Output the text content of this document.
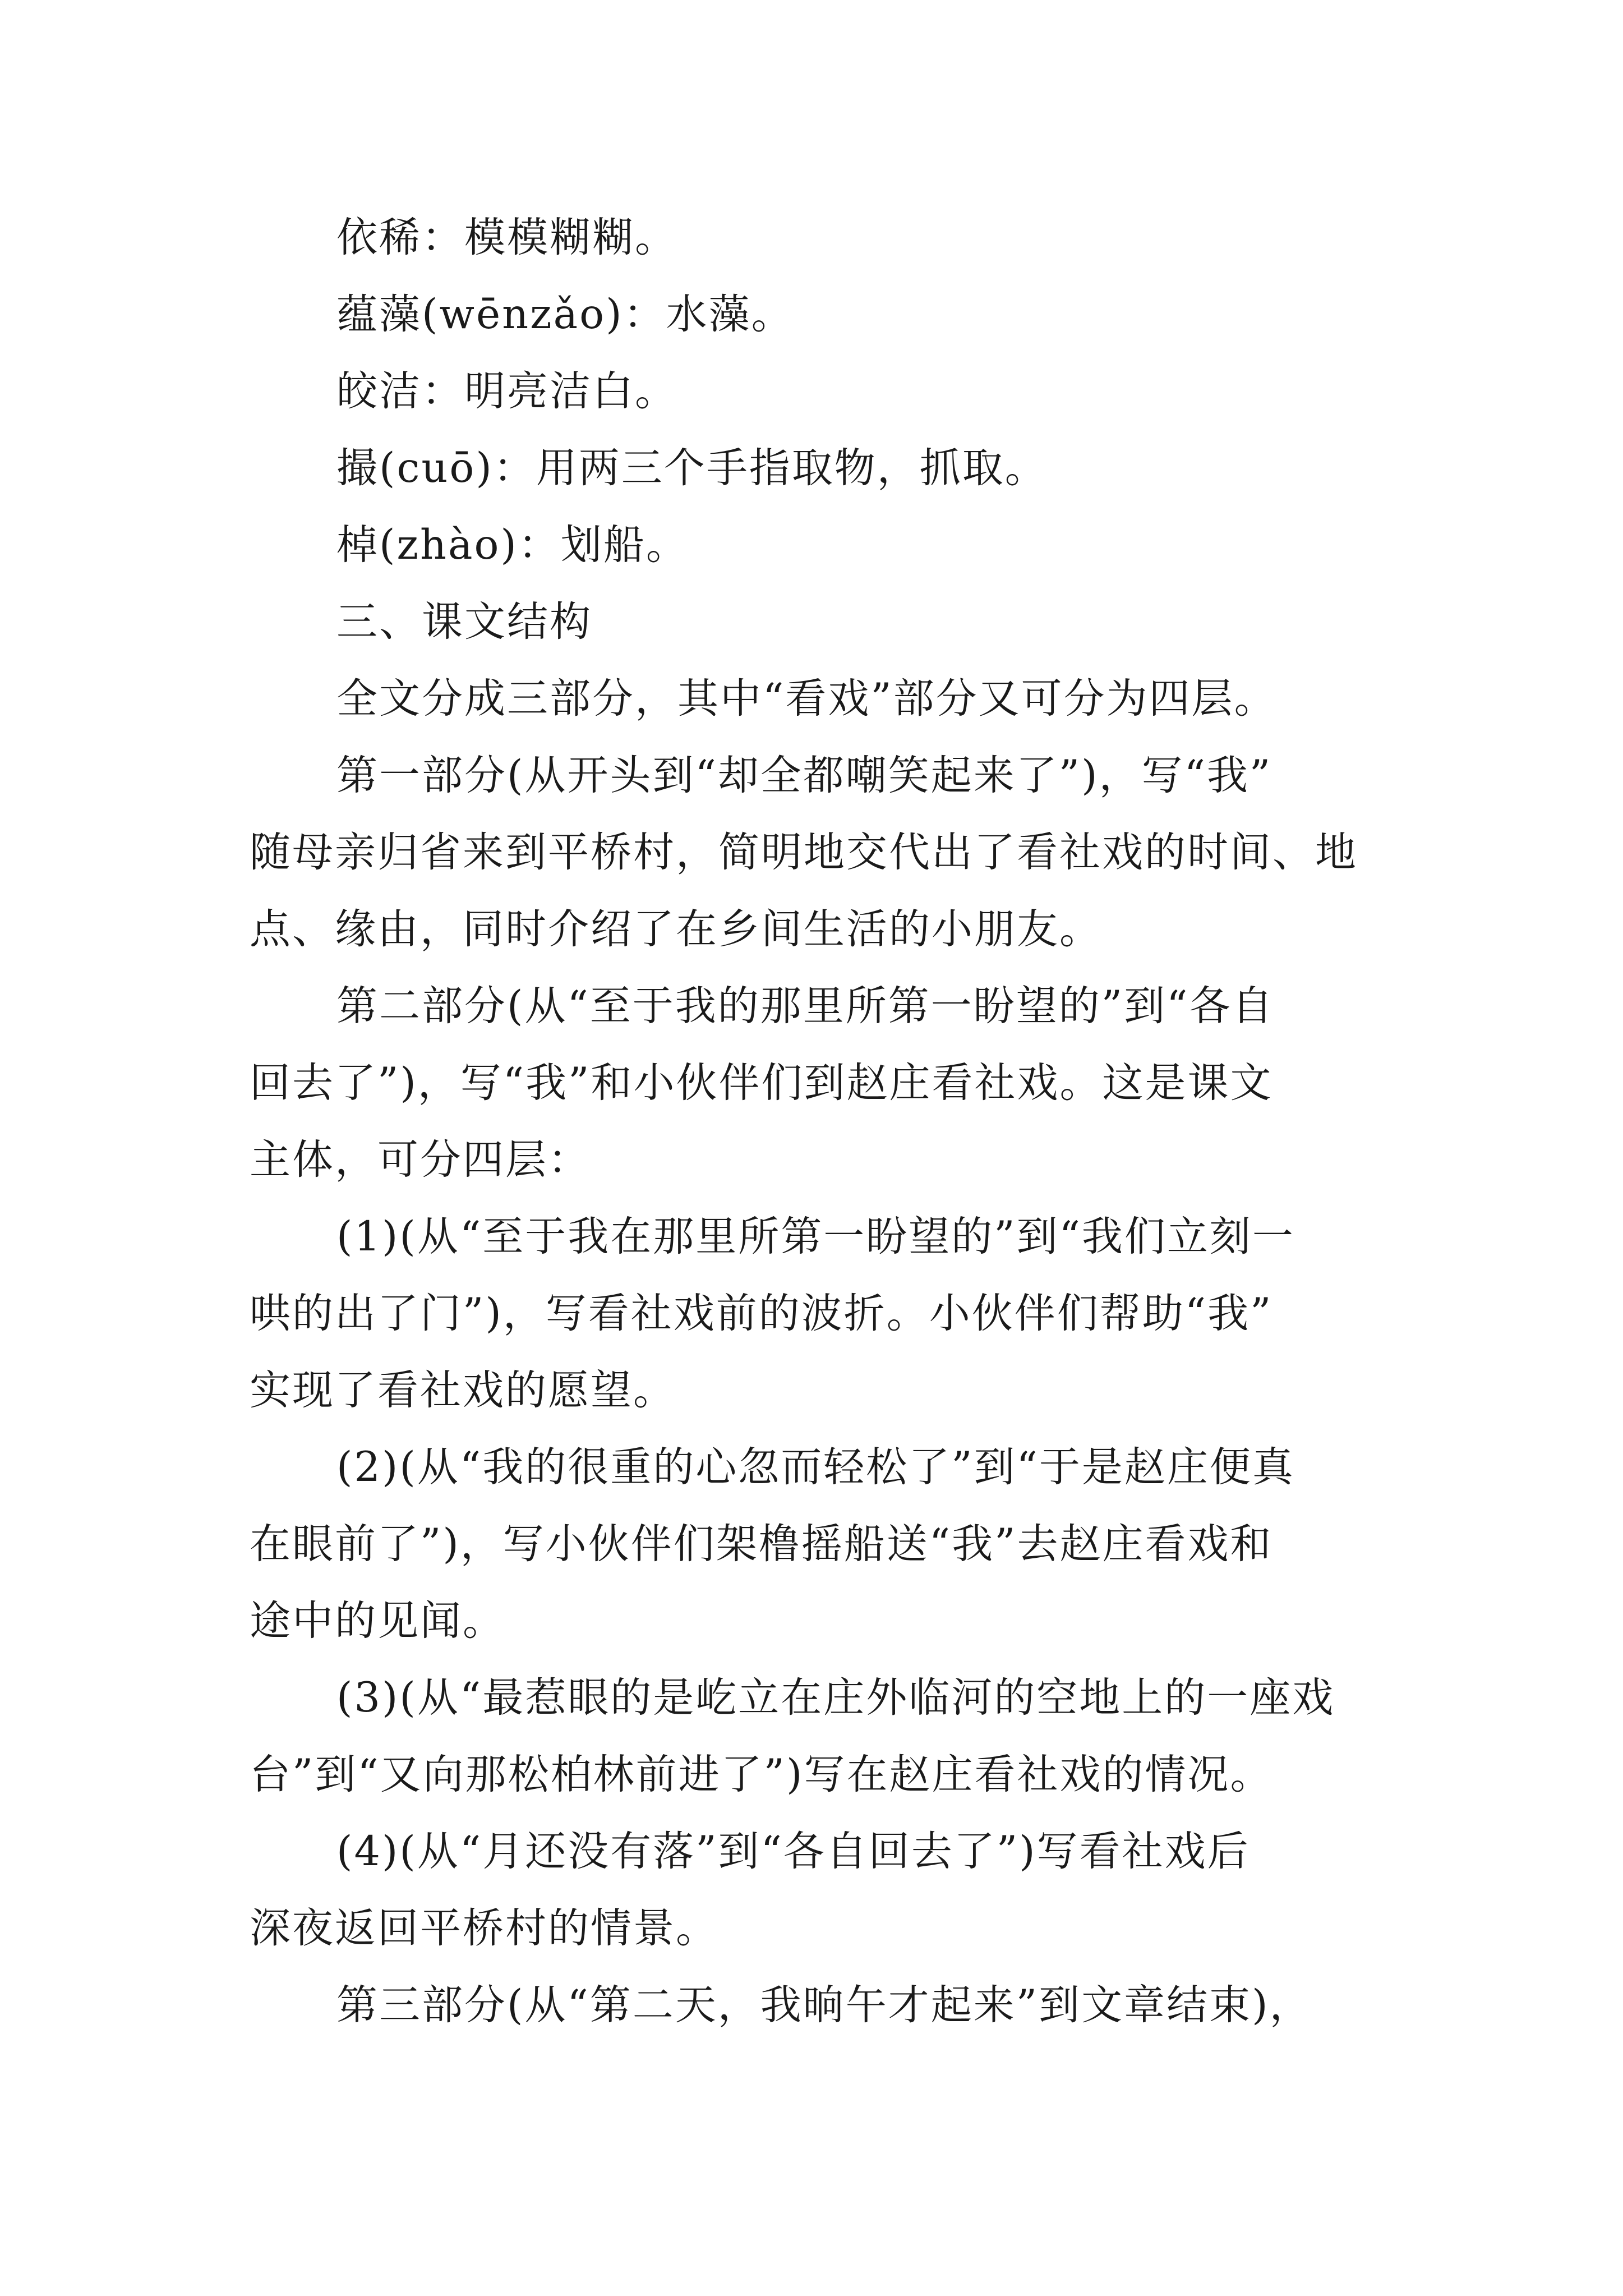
依稀：模模糊糊。
蕴藻(wēnzǎo)：水藻。
皎洁：明亮洁白。
撮(cuō)：用两三个手指取物，抓取。
棹(zhào)：划船。
三、课文结构
全文分成三部分，其中“看戏”部分又可分为四层。
第一部分(从开头到“却全都嘲笑起来了”)，写“我”
随母亲归省来到平桥村，简明地交代出了看社戏的时间、地
点、缘由，同时介绍了在乡间生活的小朋友。
第二部分(从“至于我的那里所第一盼望的”到“各自
回去了”)，写“我”和小伙伴们到赵庄看社戏。这是课文
主体，可分四层：
(1)(从“至于我在那里所第一盼望的”到“我们立刻一
哄的出了门”)，写看社戏前的波折。小伙伴们帮助“我”
实现了看社戏的愿望。
(2)(从“我的很重的心忽而轻松了”到“于是赵庄便真
在眼前了”)，写小伙伴们架橹摇船送“我”去赵庄看戏和
途中的见闻。
(3)(从“最惹眼的是屹立在庄外临河的空地上的一座戏
台”到“又向那松柏林前进了”)写在赵庄看社戏的情况。
(4)(从“月还没有落”到“各自回去了”)写看社戏后
深夜返回平桥村的情景。
第三部分(从“第二天，我晌午才起来”到文章结束)，
